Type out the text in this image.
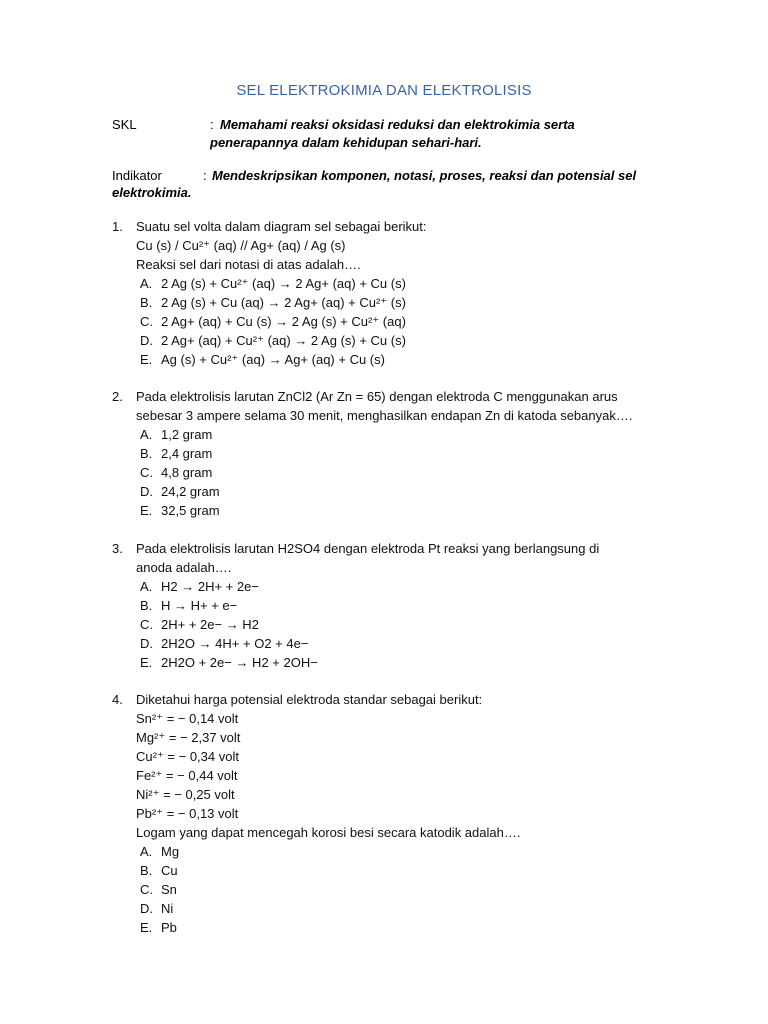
SEL ELEKTROKIMIA DAN ELEKTROLISIS
SKL	: Memahami reaksi oksidasi reduksi dan elektrokimia serta
penerapannya dalam kehidupan sehari-hari.
Indikator	: Mendeskripsikan komponen, notasi, proses, reaksi dan potensial sel
elektrokimia.
1. Suatu sel volta dalam diagram sel sebagai berikut:
Cu (s) / Cu²⁺ (aq) // Ag+ (aq) / Ag (s)
Reaksi sel dari notasi di atas adalah….
A. 2 Ag (s) + Cu²⁺ (aq) → 2 Ag+ (aq) + Cu (s)
B. 2 Ag (s) + Cu (aq) → 2 Ag+ (aq) + Cu²⁺ (s)
C. 2 Ag+ (aq) + Cu (s) → 2 Ag (s) + Cu²⁺ (aq)
D. 2 Ag+ (aq) + Cu²⁺ (aq) → 2 Ag (s) + Cu (s)
E. Ag (s) + Cu²⁺ (aq) → Ag+ (aq) + Cu (s)
2. Pada elektrolisis larutan ZnCl2 (Ar Zn = 65) dengan elektroda C menggunakan arus
sebesar 3 ampere selama 30 menit, menghasilkan endapan Zn di katoda sebanyak….
A. 1,2 gram
B. 2,4 gram
C. 4,8 gram
D. 24,2 gram
E. 32,5 gram
3. Pada elektrolisis larutan H2SO4 dengan elektroda Pt reaksi yang berlangsung di
anoda adalah….
A. H2 → 2H+ + 2e−
B. H → H+ + e−
C. 2H+ + 2e− → H2
D. 2H2O → 4H+ + O2 + 4e−
E. 2H2O + 2e− → H2 + 2OH−
4. Diketahui harga potensial elektroda standar sebagai berikut:
Sn²⁺ = − 0,14 volt
Mg²⁺ = − 2,37 volt
Cu²⁺ = − 0,34 volt
Fe²⁺ = − 0,44 volt
Ni²⁺ = − 0,25 volt
Pb²⁺ = − 0,13 volt
Logam yang dapat mencegah korosi besi secara katodik adalah….
A. Mg
B. Cu
C. Sn
D. Ni
E. Pb
